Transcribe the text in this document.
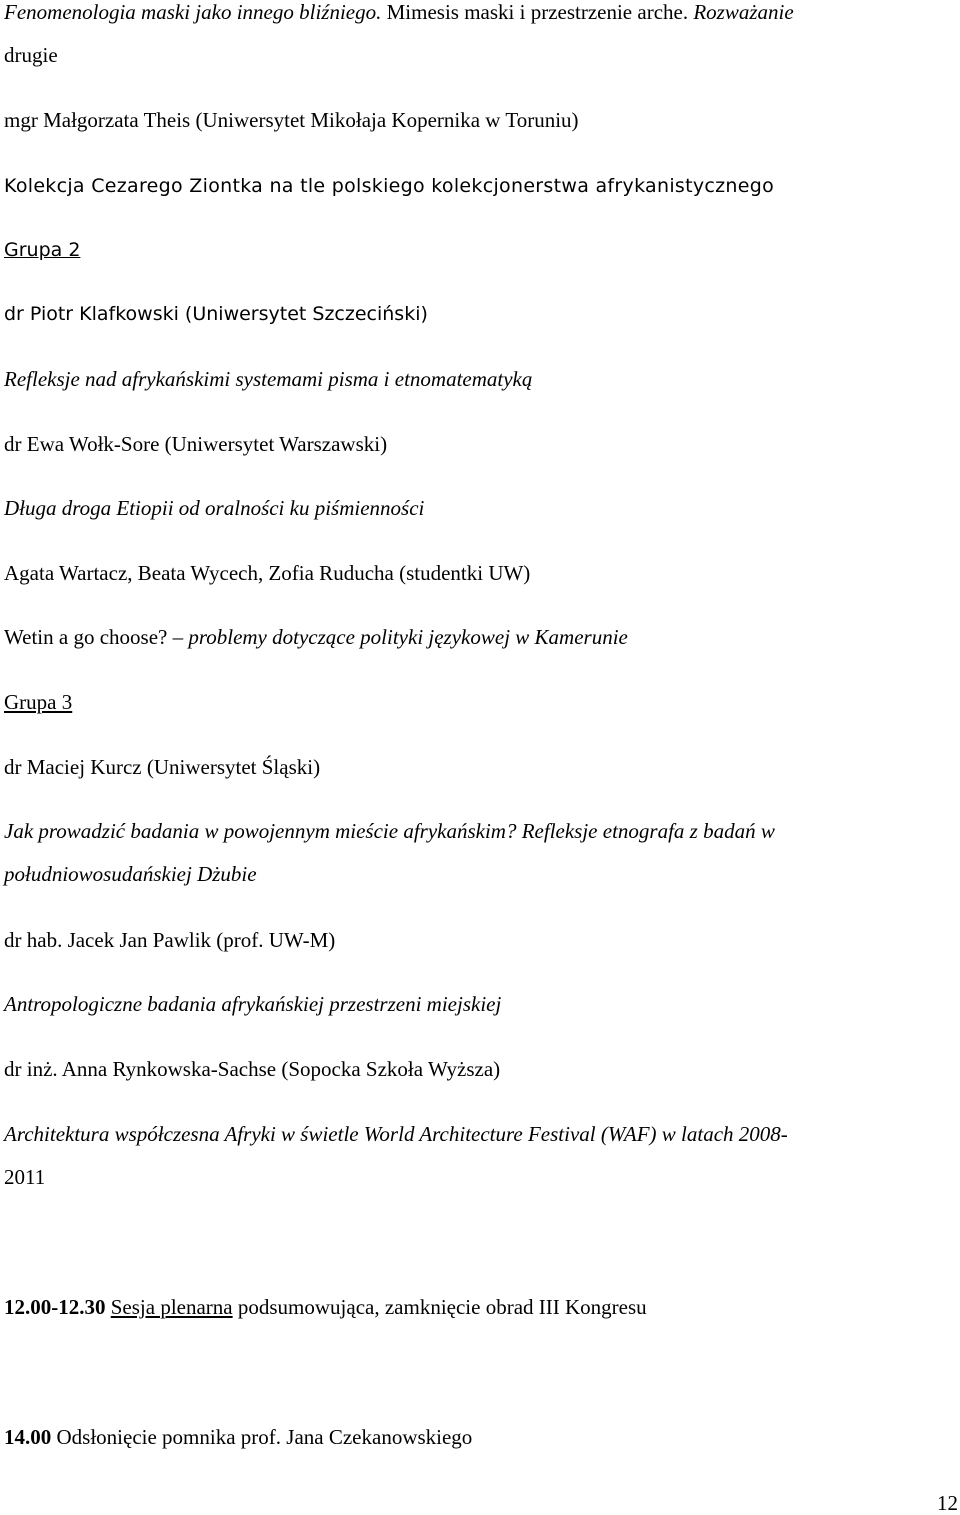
Fenomenologia maski jako innego bliźniego. Mimesis maski i przestrzenie arche. Rozważanie
drugie
mgr Małgorzata Theis (Uniwersytet Mikołaja Kopernika w Toruniu)
Kolekcja Cezarego Ziontka na tle polskiego kolekcjonerstwa afrykanistycznego
Grupa 2
dr Piotr Klafkowski (Uniwersytet Szczeciński)
Refleksje nad afrykańskimi systemami pisma i etnomatematyką
dr Ewa Wołk-Sore (Uniwersytet Warszawski)
Długa droga Etiopii od oralności ku piśmienności
Agata Wartacz, Beata Wycech, Zofia Ruducha (studentki UW)
Wetin a go choose? – problemy dotyczące polityki językowej w Kamerunie
Grupa 3
dr Maciej Kurcz (Uniwersytet Śląski)
Jak prowadzić badania w powojennym mieście afrykańskim? Refleksje etnografa z badań w
południowosudańskiej Dżubie
dr hab. Jacek Jan Pawlik (prof. UW-M)
Antropologiczne badania afrykańskiej przestrzeni miejskiej
dr inż. Anna Rynkowska-Sachse (Sopocka Szkoła Wyższa)
Architektura współczesna Afryki w świetle World Architecture Festival (WAF) w latach 2008-
2011
12.00-12.30 Sesja plenarna podsumowująca, zamknięcie obrad III Kongresu
14.00 Odsłonięcie pomnika prof. Jana Czekanowskiego
12
